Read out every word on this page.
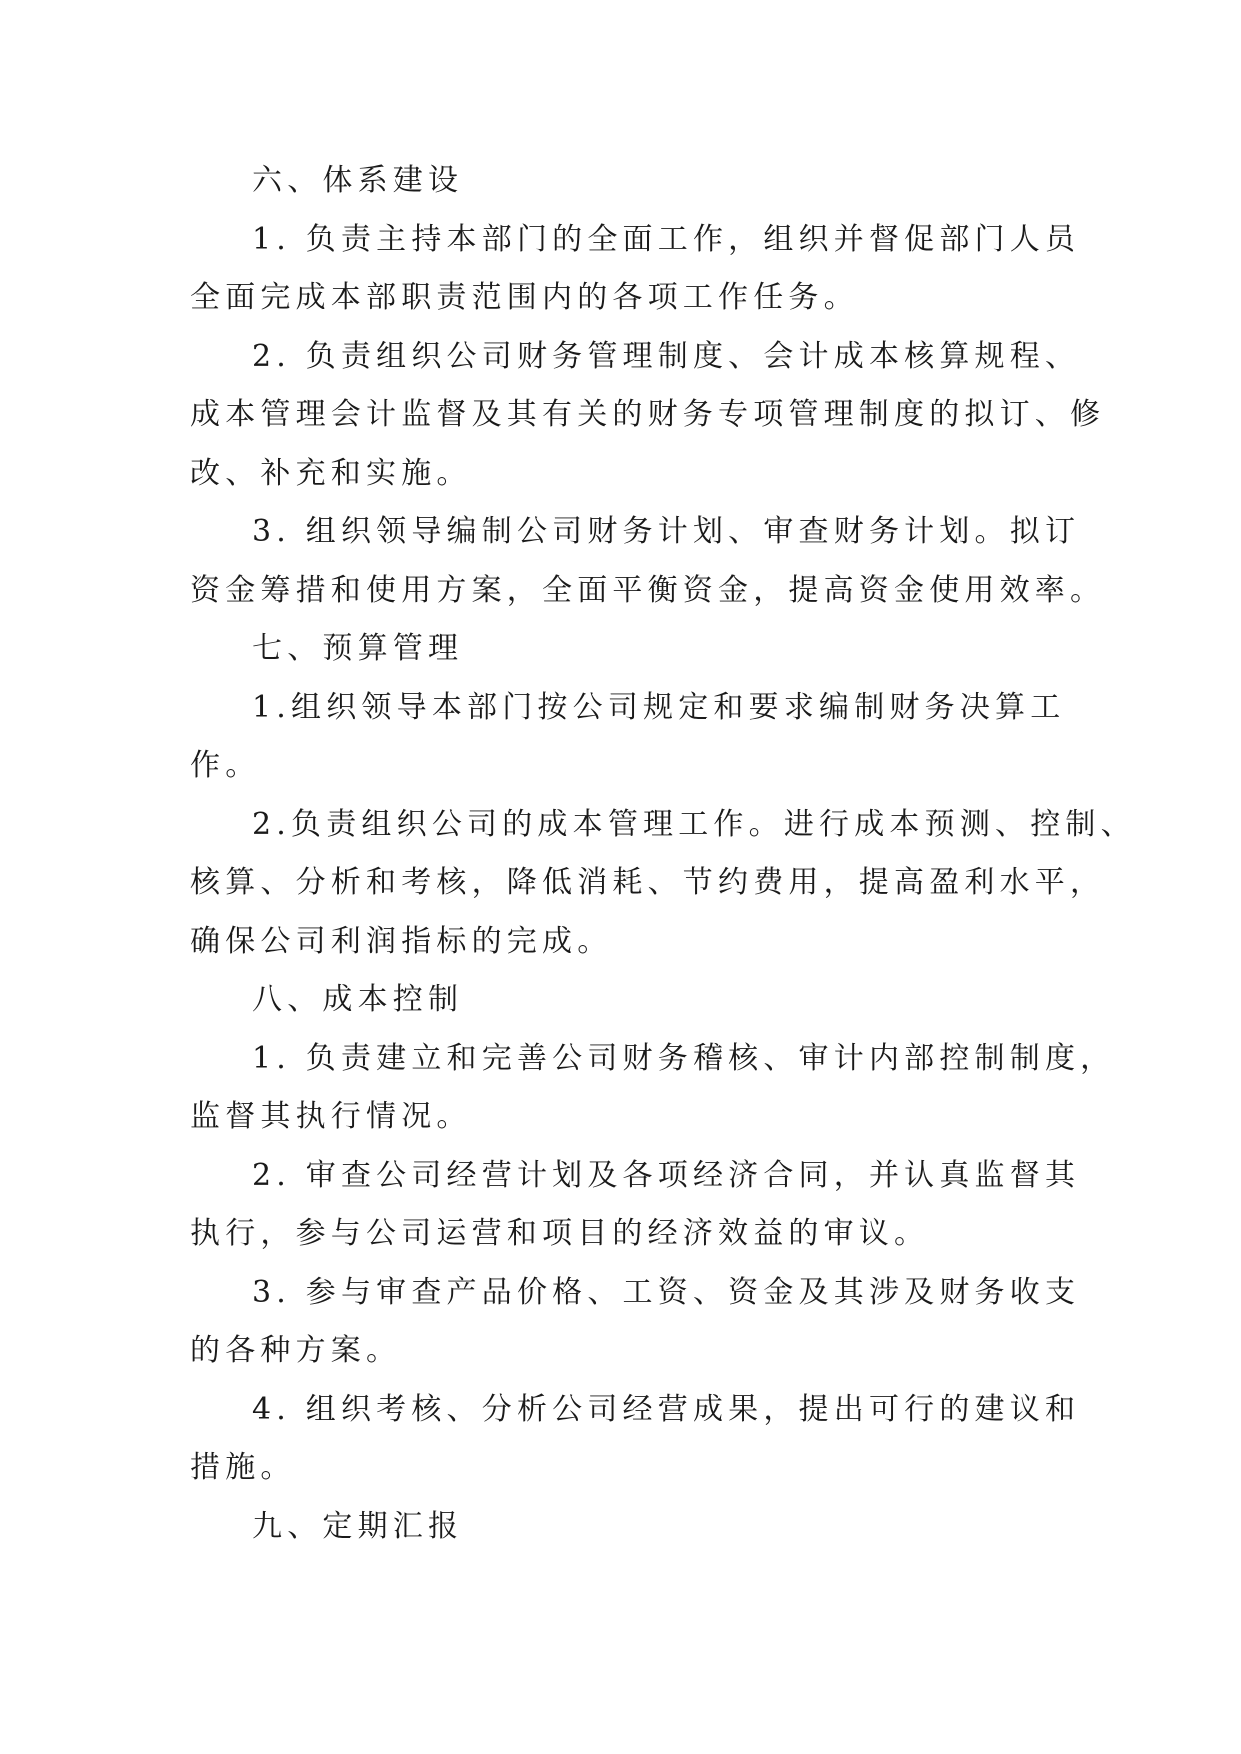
六、体系建设
1. 负责主持本部门的全面工作，组织并督促部门人员
全面完成本部职责范围内的各项工作任务。
2. 负责组织公司财务管理制度、会计成本核算规程、
成本管理会计监督及其有关的财务专项管理制度的拟订、修
改、补充和实施。
3. 组织领导编制公司财务计划、审查财务计划。拟订
资金筹措和使用方案，全面平衡资金，提高资金使用效率。
七、预算管理
1.组织领导本部门按公司规定和要求编制财务决算工
作。
2.负责组织公司的成本管理工作。进行成本预测、控制、
核算、分析和考核，降低消耗、节约费用，提高盈利水平，
确保公司利润指标的完成。
八、成本控制
1. 负责建立和完善公司财务稽核、审计内部控制制度，
监督其执行情况。
2. 审查公司经营计划及各项经济合同，并认真监督其
执行，参与公司运营和项目的经济效益的审议。
3. 参与审查产品价格、工资、资金及其涉及财务收支
的各种方案。
4. 组织考核、分析公司经营成果，提出可行的建议和
措施。
九、定期汇报
